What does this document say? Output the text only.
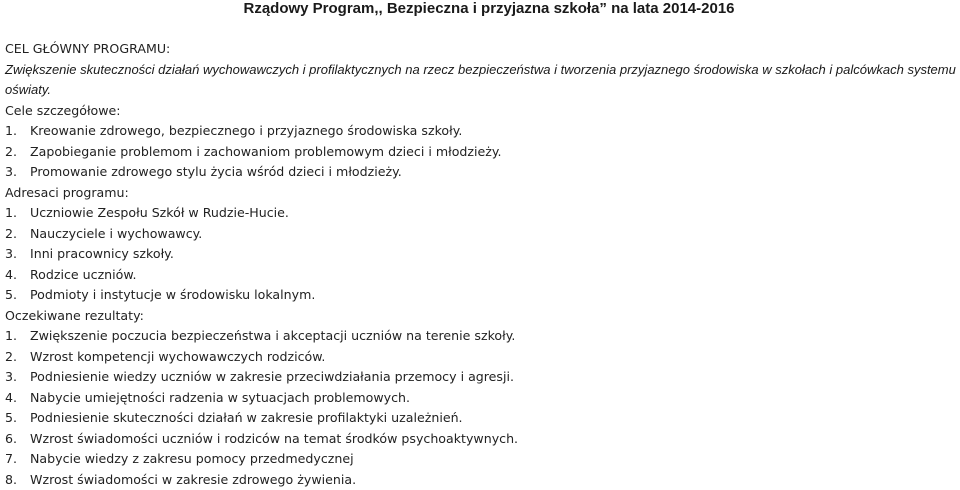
Rządowy Program,, Bezpieczna i przyjazna szkoła” na lata 2014-2016

CEL GŁÓWNY PROGRAMU:

Zwiększenie skuteczności działań wychowawczych i profilaktycznych na rzecz bezpieczeństwa i tworzenia przyjaznego środowiska w szkołach i palcówkach systemu oświaty.

Cele szczegółowe:

1.	Kreowanie zdrowego, bezpiecznego i przyjaznego środowiska szkoły.
2.	Zapobieganie problemom i zachowaniom problemowym dzieci i młodzieży.
3.	Promowanie zdrowego stylu życia wśród dzieci i młodzieży.

Adresaci programu:

1.	Uczniowie Zespołu Szkół w Rudzie-Hucie.
2.	Nauczyciele i wychowawcy.
3.	Inni pracownicy szkoły.
4.	Rodzice uczniów.
5.	Podmioty i instytucje w środowisku lokalnym.

Oczekiwane rezultaty:

1.	Zwiększenie poczucia bezpieczeństwa i akceptacji uczniów na terenie szkoły.
2.	Wzrost kompetencji wychowawczych rodziców.
3.	Podniesienie wiedzy uczniów w zakresie przeciwdziałania przemocy i agresji.
4.	Nabycie umiejętności radzenia w sytuacjach problemowych.
5.	Podniesienie skuteczności działań w zakresie profilaktyki uzależnień.
6.	Wzrost świadomości uczniów i rodziców na temat środków psychoaktywnych.
7.	Nabycie wiedzy z zakresu pomocy przedmedycznej
8.	Wzrost świadomości w zakresie zdrowego żywienia.
